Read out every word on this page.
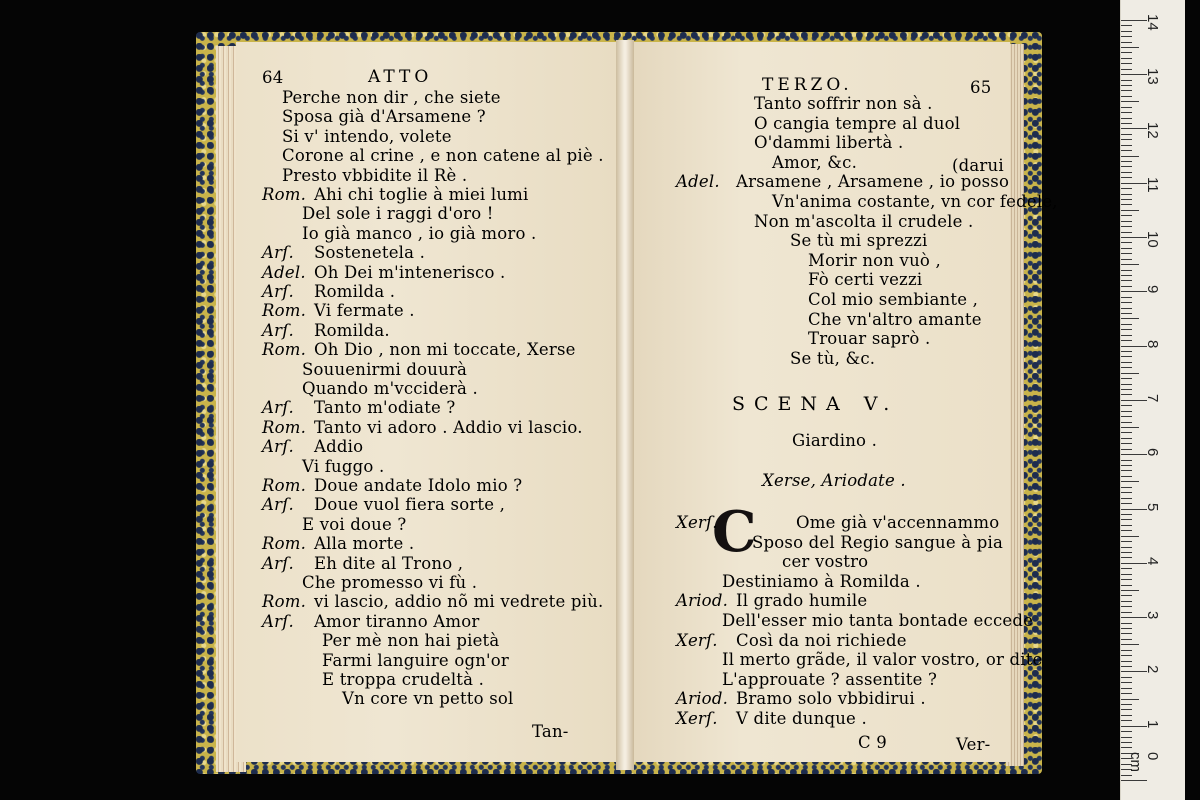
64	ATTO	TERZO.	65
Perche non dir , che siete
Sposa già d'Arsamene ?
Si v' intendo, volete
Corone al crine , e non catene al piè .
Presto vbbidite il Rè .
Rom. Ahi chi toglie à miei lumi
Del sole i raggi d'oro !
Io già manco , io già moro .
Arſ. Sostenetela .
Adel. Oh Dei m'intenerisco .
Arſ. Romilda .
Rom. Vi fermate .
Arſ. Romilda.
Rom. Oh Dio , non mi toccate, Xerse
Souuenirmi douurà
Quando m'vcciderà .
Arſ. Tanto m'odiate ?
Rom. Tanto vi adoro . Addio vi lascio.
Arſ. Addio
Vi fuggo .
Rom. Doue andate Idolo mio ?
Arſ. Doue vuol fiera sorte ,
E voi doue ?
Rom. Alla morte .
Arſ. Eh dite al Trono ,
Che promesso vi fù .
Rom. vi lascio, addio nõ mi vedrete più.
Arſ. Amor tiranno Amor
Per mè non hai pietà
Farmi languire ogn'or
E troppa crudeltà .
Vn core vn petto sol
Tan-
Tanto soffrir non sà .
O cangia tempre al duol
O'dammi libertà .
Amor, &c.
Adel. Arsamene , Arsamene , io posso
Vn'anima costante, vn cor fedele,
Non m'ascolta il crudele .
Se tù mi sprezzi
Morir non vuò ,
Fò certi vezzi
Col mio sembiante ,
Che vn'altro amante
Trouar saprò .
Se tù, &c.
(darui
SCENA V.
Giardino .
Xerse, Ariodate .
C
Xerſ.	Ome già v'accennammo
Sposo del Regio sangue à pia
cer vostro
Destiniamo à Romilda .
Ariod. Il grado humile
Dell'esser mio tanta bontade eccede
Xerſ. Così da noi richiede
Il merto grãde, il valor vostro, or dite
L'approuate ? assentite ?
Ariod. Bramo solo vbbidirui .
Xerſ. V dite dunque .
C 9	Ver-
1
2
3
4
5
6
7
8
9
10
11
12
13
14
0 cm
